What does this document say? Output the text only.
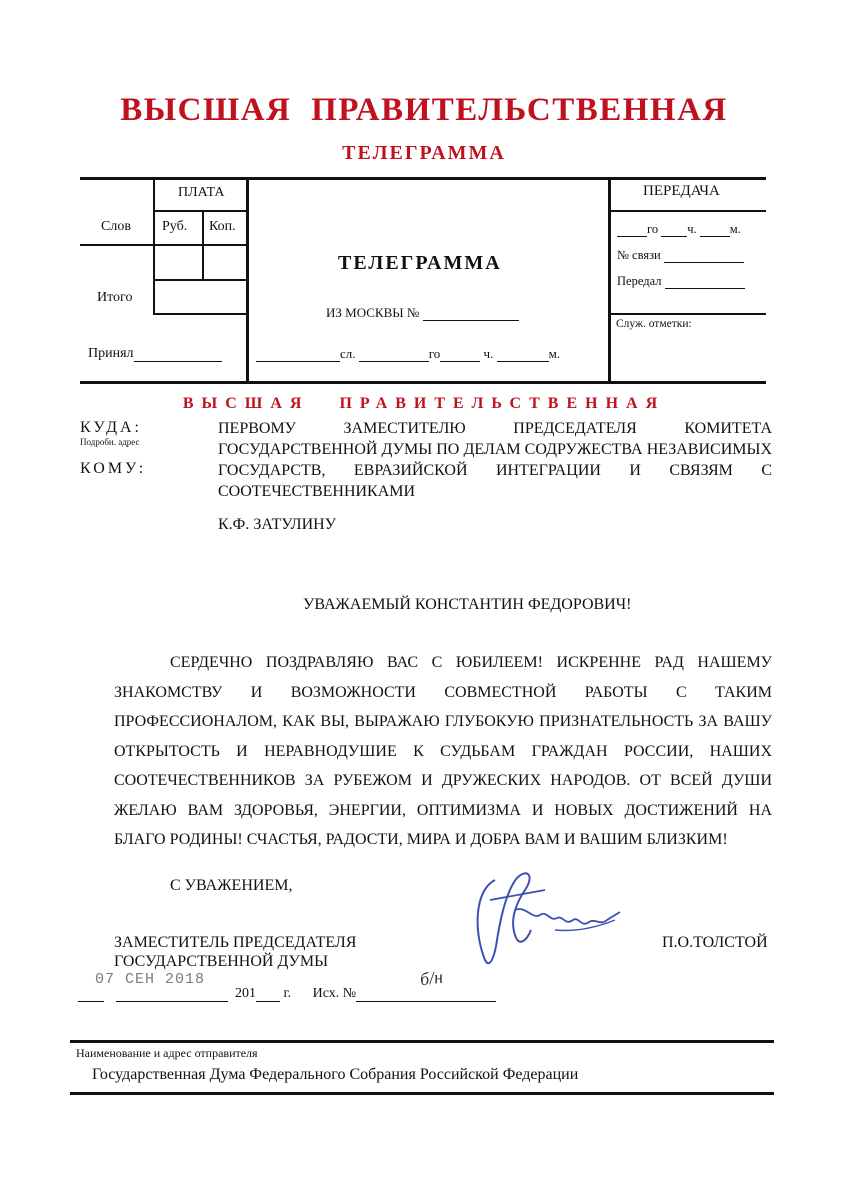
ВЫСШАЯ ПРАВИТЕЛЬСТВЕННАЯ
ТЕЛЕГРАММА
ПЛАТА
Слов Руб. Коп.
Итого
Принял
ТЕЛЕГРАММА
ИЗ МОСКВЫ №
сл.	го	ч.	м.
ПЕРЕДАЧА
го ч.	м.
№ связи
Передал
Служ. отметки:
ВЫСШАЯ ПРАВИТЕЛЬСТВЕННАЯ
КУДА:
Подробн. адрес
КОМУ:
ПЕРВОМУ ЗАМЕСТИТЕЛЮ ПРЕДСЕДАТЕЛЯ КОМИТЕТА ГОСУДАРСТВЕННОЙ ДУМЫ ПО ДЕЛАМ СОДРУЖЕСТВА НЕЗАВИСИМЫХ ГОСУДАРСТВ, ЕВРАЗИЙСКОЙ ИНТЕГРАЦИИ И СВЯЗЯМ С СООТЕЧЕСТВЕННИКАМИ
К.Ф. ЗАТУЛИНУ
УВАЖАЕМЫЙ КОНСТАНТИН ФЕДОРОВИЧ!
СЕРДЕЧНО ПОЗДРАВЛЯЮ ВАС С ЮБИЛЕЕМ! ИСКРЕННЕ РАД НАШЕМУ ЗНАКОМСТВУ И ВОЗМОЖНОСТИ СОВМЕСТНОЙ РАБОТЫ С ТАКИМ ПРОФЕССИОНАЛОМ, КАК ВЫ, ВЫРАЖАЮ ГЛУБОКУЮ ПРИЗНАТЕЛЬНОСТЬ ЗА ВАШУ ОТКРЫТОСТЬ И НЕРАВНОДУШИЕ К СУДЬБАМ ГРАЖДАН РОССИИ, НАШИХ СООТЕЧЕСТВЕННИКОВ ЗА РУБЕЖОМ И ДРУЖЕСКИХ НАРОДОВ. ОТ ВСЕЙ ДУШИ ЖЕЛАЮ ВАМ ЗДОРОВЬЯ, ЭНЕРГИИ, ОПТИМИЗМА И НОВЫХ ДОСТИЖЕНИЙ НА БЛАГО РОДИНЫ! СЧАСТЬЯ, РАДОСТИ, МИРА И ДОБРА ВАМ И ВАШИМ БЛИЗКИМ!
С УВАЖЕНИЕМ,
ЗАМЕСТИТЕЛЬ ПРЕДСЕДАТЕЛЯ
ГОСУДАРСТВЕННОЙ ДУМЫ
П.О.ТОЛСТОЙ
07 СЕН 2018
201 г. Исх. №
б/н
Наименование и адрес отправителя
Государственная Дума Федерального Собрания Российской Федерации
